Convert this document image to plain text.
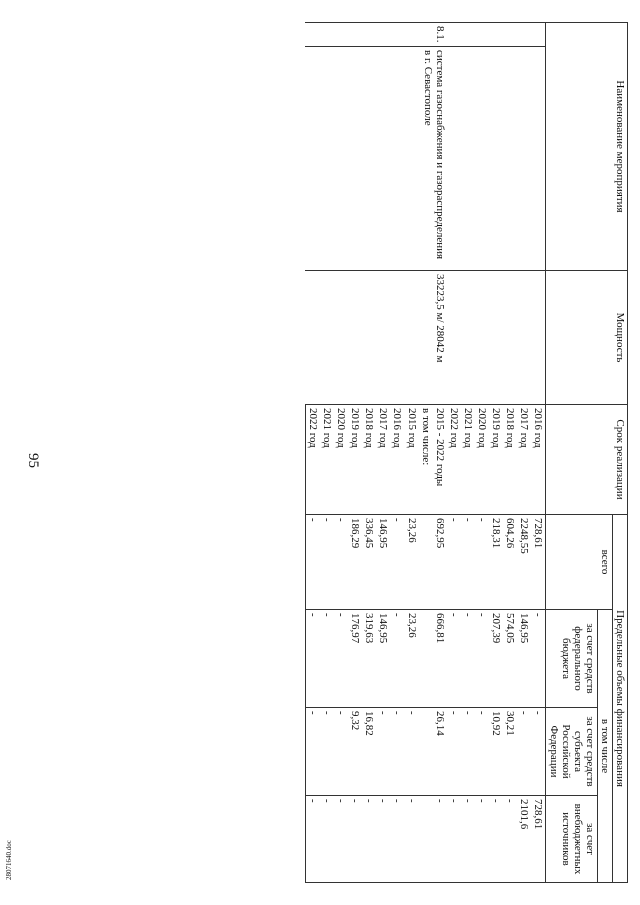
95
28071640.doc
Наименование мероприятия		Мощность	Срок реализации	Предельные объемы финансирования			
				всего	в том числе		
					за счет средств федерального бюджета	за счет средств субъекта Российской Федерации	за счет внебюджетных источников
			2016 год	728,61	-	-	728,61
			2017 год	2248,55	146,95	-	2101,6
			2018 год	604,26	574,05	30,21	-
			2019 год	218,31	207,39	10,92	-
			2020 год	-	-	-	-
			2021 год	-	-	-	-
			2022 год	-	-	-	-
8.1.	система газоснабжения и газораспределения в г. Севастополе	33223,5 м/ 28042 м	2015 - 2022 годы	692,95	666,81	26,14	-
			в том числе:				
			2015 год	23,26	23,26	-	-
			2016 год	-	-	-	-
			2017 год	146,95	146,95	-	-
			2018 год	336,45	319,63	16,82	-
			2019 год	186,29	176,97	9,32	-
			2020 год	-	-	-	-
			2021 год	-	-	-	-
			2022 год	-	-	-	-
